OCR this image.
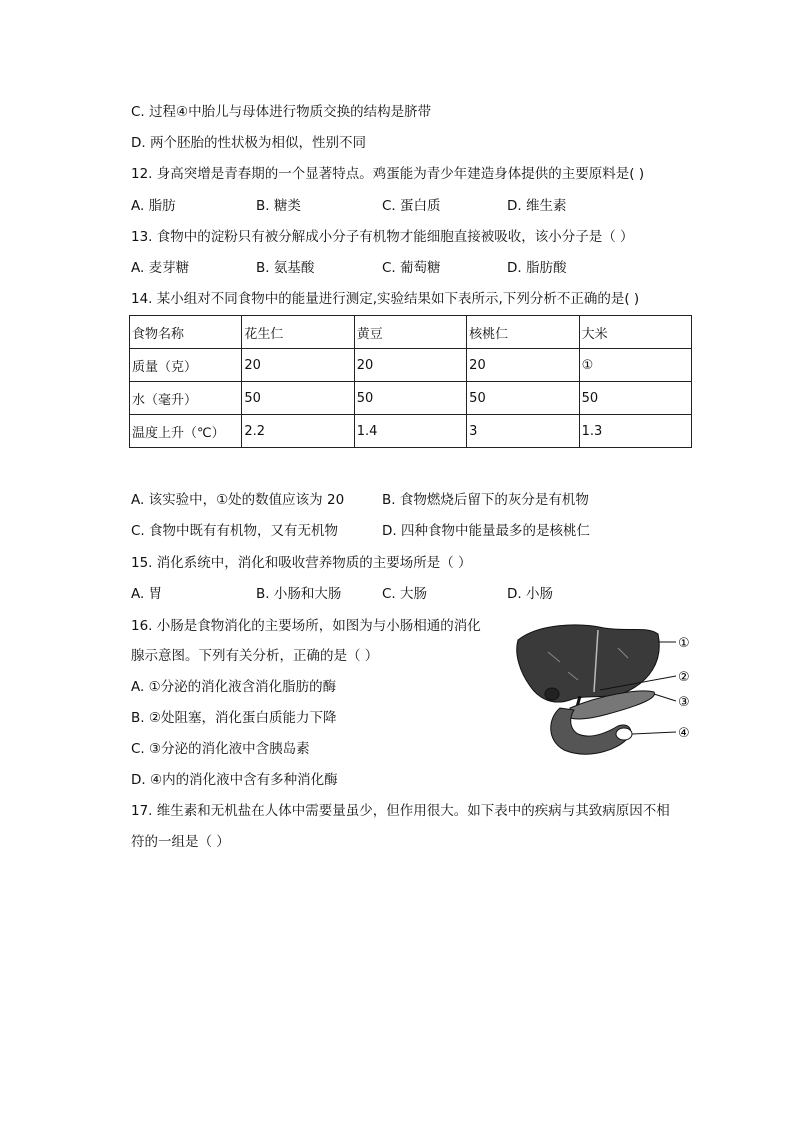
C. 过程④中胎儿与母体进行物质交换的结构是脐带
D. 两个胚胎的性状极为相似，性别不同
12. 身高突增是青春期的一个显著特点。鸡蛋能为青少年建造身体提供的主要原料是( )
A. 脂肪	B. 糖类	C. 蛋白质	D. 维生素
13. 食物中的淀粉只有被分解成小分子有机物才能细胞直接被吸收，该小分子是（ ）
A. 麦芽糖	B. 氨基酸	C. 葡萄糖	D. 脂肪酸
14. 某小组对不同食物中的能量进行测定,实验结果如下表所示,下列分析不正确的是( )
食物名称	花生仁	黄豆	核桃仁	大米
质量（克）	20	20	20	①
水（毫升）	50	50	50	50
温度上升（℃）	2.2	1.4	3	1.3
A. 该实验中，①处的数值应该为 20	B. 食物燃烧后留下的灰分是有机物
C. 食物中既有有机物，又有无机物	D. 四种食物中能量最多的是核桃仁
15. 消化系统中，消化和吸收营养物质的主要场所是（ ）
A. 胃	B. 小肠和大肠	C. 大肠	D. 小肠
16. 小肠是食物消化的主要场所，如图为与小肠相通的消化
腺示意图。下列有关分析，正确的是（ ）
A. ①分泌的消化液含消化脂肪的酶
B. ②处阻塞，消化蛋白质能力下降
C. ③分泌的消化液中含胰岛素
D. ④内的消化液中含有多种消化酶
①
②
③
④
17. 维生素和无机盐在人体中需要量虽少，但作用很大。如下表中的疾病与其致病原因不相
符的一组是（ ）
